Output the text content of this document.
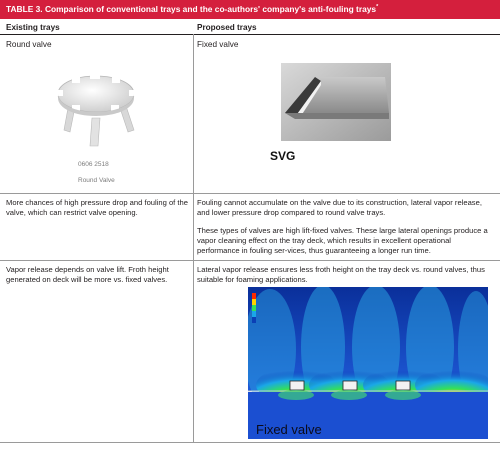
TABLE 3. Comparison of conventional trays and the co-authors' company's anti-fouling trays*
Existing trays	Proposed trays
Round valve	Fixed valve
0606 2518
Round Valve
SVG
More chances of high pressure drop and fouling of the valve, which can restrict valve opening.
Fouling cannot accumulate on the valve due to its construction, lateral vapor release, and lower pressure drop compared to round valve trays.
These types of valves are high lift-fixed valves. These large lateral openings produce a vapor cleaning effect on the tray deck, which results in excellent operational performance in fouling ser-vices, thus guaranteeing a longer run time.
Vapor release depends on valve lift. Froth height generated on deck will be more vs. fixed valves.
Lateral vapor release ensures less froth height on the tray deck vs. round valves, thus suitable for foaming applications.
Fixed valve
